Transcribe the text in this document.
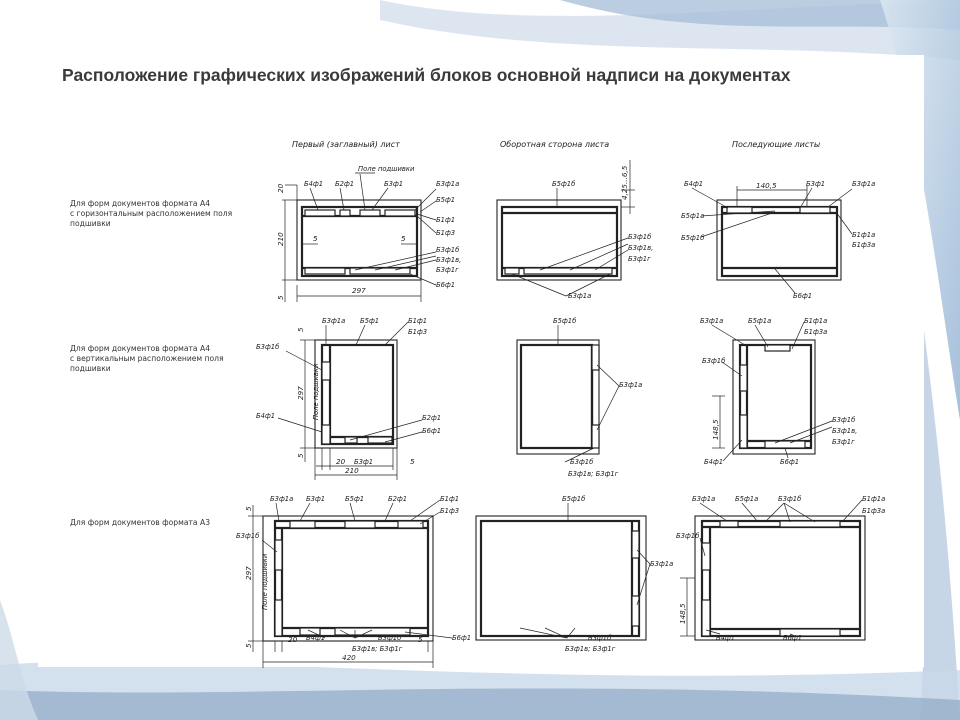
Расположение графических изображений блоков основной надписи на документах
Первый (заглавный) лист	Оборотная сторона листа	Последующие листы
Для форм документов формата А4
с горизонтальным расположением поля
подшивки
Для форм документов формата А4
с вертикальным расположением поля
подшивки
Для форм документов формата А3
20
210
5
5	5
297
Поле подшивки
Б4ф1 Б2ф1	Б3ф1	Б3ф1а
Б5ф1
Б1ф1
Б1ф3
Б3ф1б
Б3ф1в,
Б3ф1г
Б6ф1
4,25...6,5
Б5ф1б
Б3ф1б
Б3ф1в,
Б3ф1г
Б3ф1а
140,5
Б4ф1	Б3ф1	Б3ф1а
Б5ф1а
Б5ф1б	Б1ф1а
Б1ф3а
Б6ф1
5
297
5
Поле подшивки
20	5
210
Б3ф1а Б5ф1	Б1ф1
Б1ф3
Б3ф1б
Б4ф1	Б2ф1
Б6ф1
Б3ф1
Б5ф1б
Б3ф1а
Б3ф1б
Б3ф1в; Б3ф1г
148,5
Б3ф1а	Б5ф1а	Б1ф1а
Б1ф3а
Б3ф1б
Б3ф1б
Б3ф1в,
Б3ф1г
Б4ф1	Б6ф1
5
297
5
Поле подшивки
20	5
420
Б3ф1а Б3ф1	Б5ф1	Б2ф1	Б1ф1
Б1ф3
Б3ф1б
Б4ф1	Б3ф1б
Б3ф1в; Б3ф1г
Б6ф1
Б5ф1б
Б3ф1а
Б3ф1б
Б3ф1в; Б3ф1г
148,5
Б3ф1а	Б5ф1а	Б3ф1б	Б1ф1а
Б1ф3а
Б3ф1б
Б4ф1	Б6ф1
